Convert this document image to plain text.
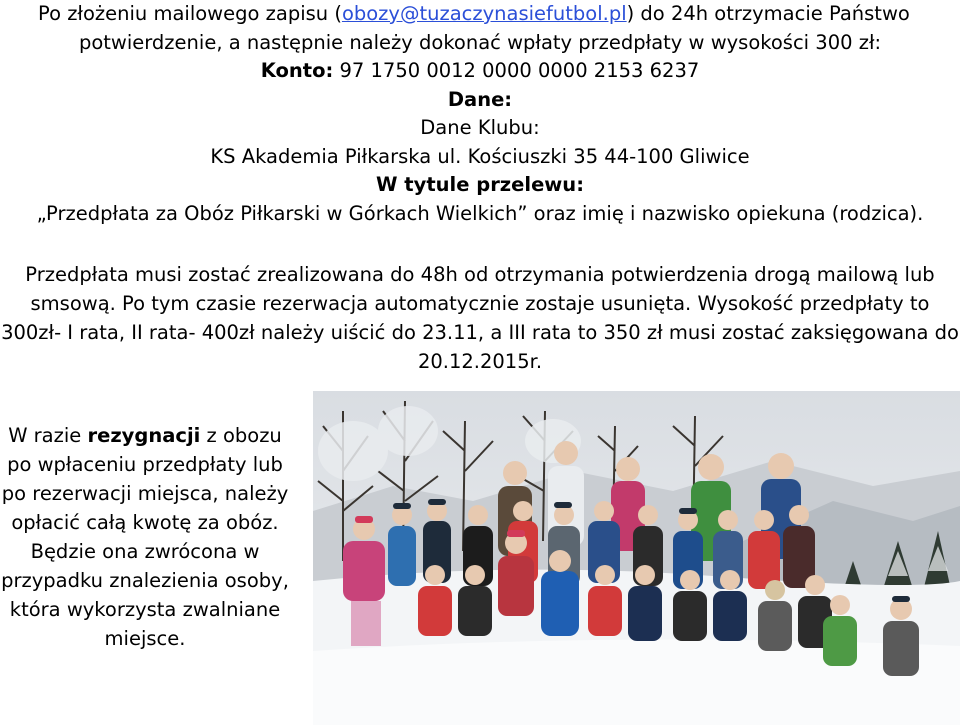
Po złożeniu mailowego zapisu (obozy@tuzaczynasiefutbol.pl) do 24h otrzymacie Państwo
potwierdzenie, a następnie należy dokonać wpłaty przedpłaty w wysokości 300 zł:
Konto: 97 1750 0012 0000 0000 2153 6237
Dane:
Dane Klubu:
KS Akademia Piłkarska ul. Kościuszki 35 44-100 Gliwice
W tytule przelewu:
„Przedpłata za Obóz Piłkarski w Górkach Wielkich” oraz imię i nazwisko opiekuna (rodzica).
Przedpłata musi zostać zrealizowana do 48h od otrzymania potwierdzenia drogą mailową lub
smsową. Po tym czasie rezerwacja automatycznie zostaje usunięta. Wysokość przedpłaty to
300zł- I rata, II rata- 400zł należy uiścić do 23.11, a III rata to 350 zł musi zostać zaksięgowana do
20.12.2015r.
W razie rezygnacji z obozu
po wpłaceniu przedpłaty lub
po rezerwacji miejsca, należy
opłacić całą kwotę za obóz.
Będzie ona zwrócona w
przypadku znalezienia osoby,
która wykorzysta zwalniane
miejsce.
